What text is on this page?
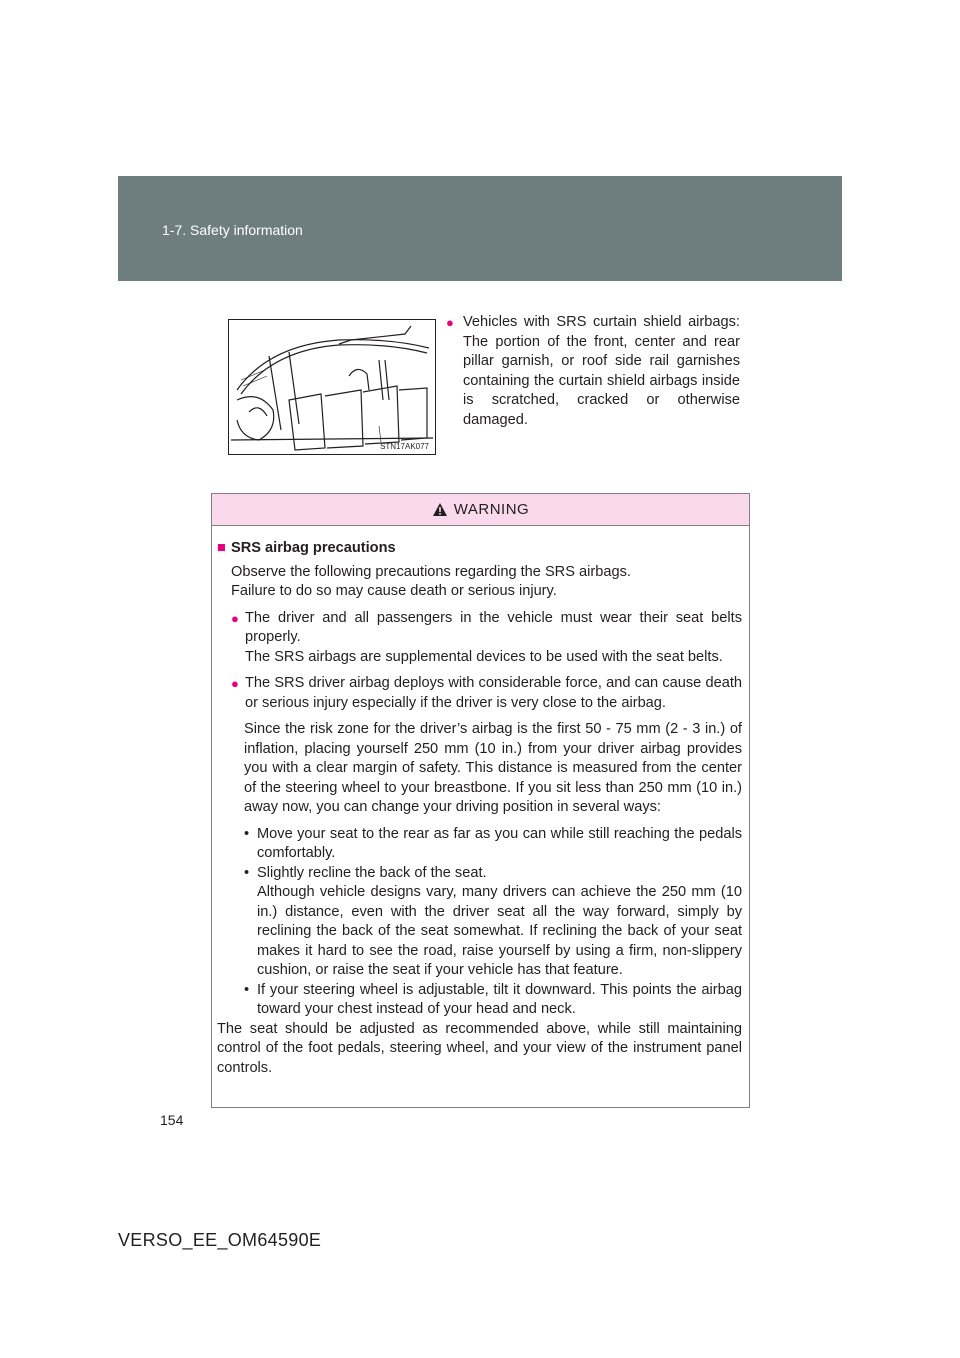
1-7. Safety information
STN17AK077
● Vehicles with SRS curtain shield airbags: The portion of the front, center and rear pillar garnish, or roof side rail garnishes containing the curtain shield airbags inside is scratched, cracked or otherwise damaged.
WARNING
■ SRS airbag precautions
Observe the following precautions regarding the SRS airbags.
Failure to do so may cause death or serious injury.
● The driver and all passengers in the vehicle must wear their seat belts properly.
The SRS airbags are supplemental devices to be used with the seat belts.
● The SRS driver airbag deploys with considerable force, and can cause death or serious injury especially if the driver is very close to the airbag.
Since the risk zone for the driver’s airbag is the first 50 - 75 mm (2 - 3 in.) of inflation, placing yourself 250 mm (10 in.) from your driver airbag provides you with a clear margin of safety. This distance is measured from the center of the steering wheel to your breastbone. If you sit less than 250 mm (10 in.) away now, you can change your driving position in several ways:
• Move your seat to the rear as far as you can while still reaching the pedals comfortably.
• Slightly recline the back of the seat.
Although vehicle designs vary, many drivers can achieve the 250 mm (10 in.) distance, even with the driver seat all the way forward, simply by reclining the back of the seat somewhat. If reclining the back of your seat makes it hard to see the road, raise yourself by using a firm, non-slippery cushion, or raise the seat if your vehicle has that feature.
• If your steering wheel is adjustable, tilt it downward. This points the airbag toward your chest instead of your head and neck.
The seat should be adjusted as recommended above, while still maintaining control of the foot pedals, steering wheel, and your view of the instrument panel controls.
154
VERSO_EE_OM64590E
